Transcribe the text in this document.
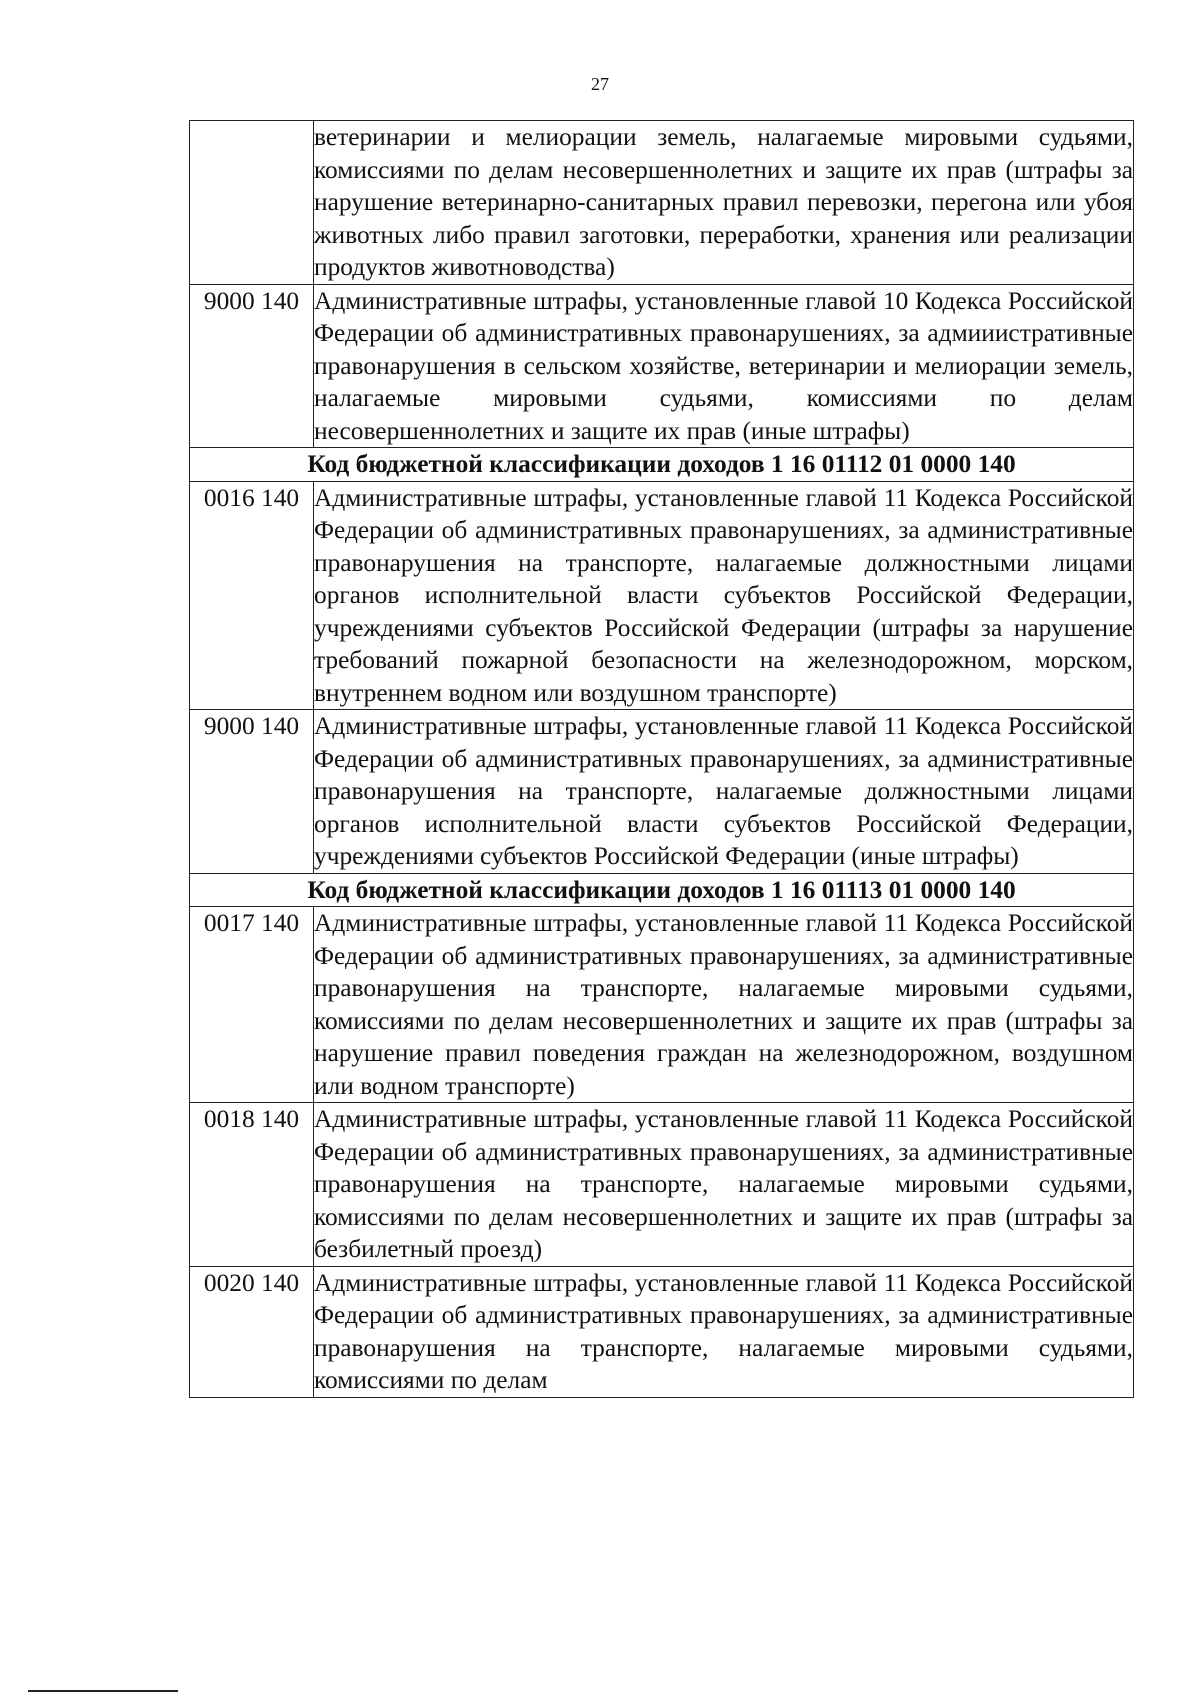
27
	ветеринарии и мелиорации земель, налагаемые мировыми судьями, комиссиями по делам несовершеннолетних и защите их прав (штрафы за нарушение ветеринарно-санитарных правил перевозки, перегона или убоя животных либо правил заготовки, переработки, хранения или реализации продуктов животноводства)
9000 140	Административные штрафы, установленные главой 10 Кодекса Российской Федерации об административных правонарушениях, за адмииистративные правонарушения в сельском хозяйстве, ветеринарии и мелиорации земель, налагаемые мировыми судьями, комиссиями по делам несовершеннолетних и защите их прав (иные штрафы)
Код бюджетной классификации доходов 1 16 01112 01 0000 140	
0016 140	Административные штрафы, установленные главой 11 Кодекса Российской Федерации об административных правонарушениях, за административные правонарушения на транспорте, налагаемые должностными лицами органов исполнительной власти субъектов Российской Федерации, учреждениями субъектов Российской Федерации (штрафы за нарушение требований пожарной безопасности на железнодорожном, морском, внутреннем водном или воздушном транспорте)
9000 140	Административные штрафы, установленные главой 11 Кодекса Российской Федерации об административных правонарушениях, за административные правонарушения на транспорте, налагаемые должностными лицами органов исполнительной власти субъектов Российской Федерации, учреждениями субъектов Российской Федерации (иные штрафы)
Код бюджетной классификации доходов 1 16 01113 01 0000 140	
0017 140	Административные штрафы, установленные главой 11 Кодекса Российской Федерации об административных правонарушениях, за административные правонарушения на транспорте, налагаемые мировыми судьями, комиссиями по делам несовершеннолетних и защите их прав (штрафы за нарушение правил поведения граждан на железнодорожном, воздушном или водном транспорте)
0018 140	Административные штрафы, установленные главой 11 Кодекса Российской Федерации об административных правонарушениях, за административные правонарушения на транспорте, налагаемые мировыми судьями, комиссиями по делам несовершеннолетних и защите их прав (штрафы за безбилетный проезд)
0020 140	Административные штрафы, установленные главой 11 Кодекса Российской Федерации об административных правонарушениях, за административные правонарушения на транспорте, налагаемые мировыми судьями, комиссиями по делам
